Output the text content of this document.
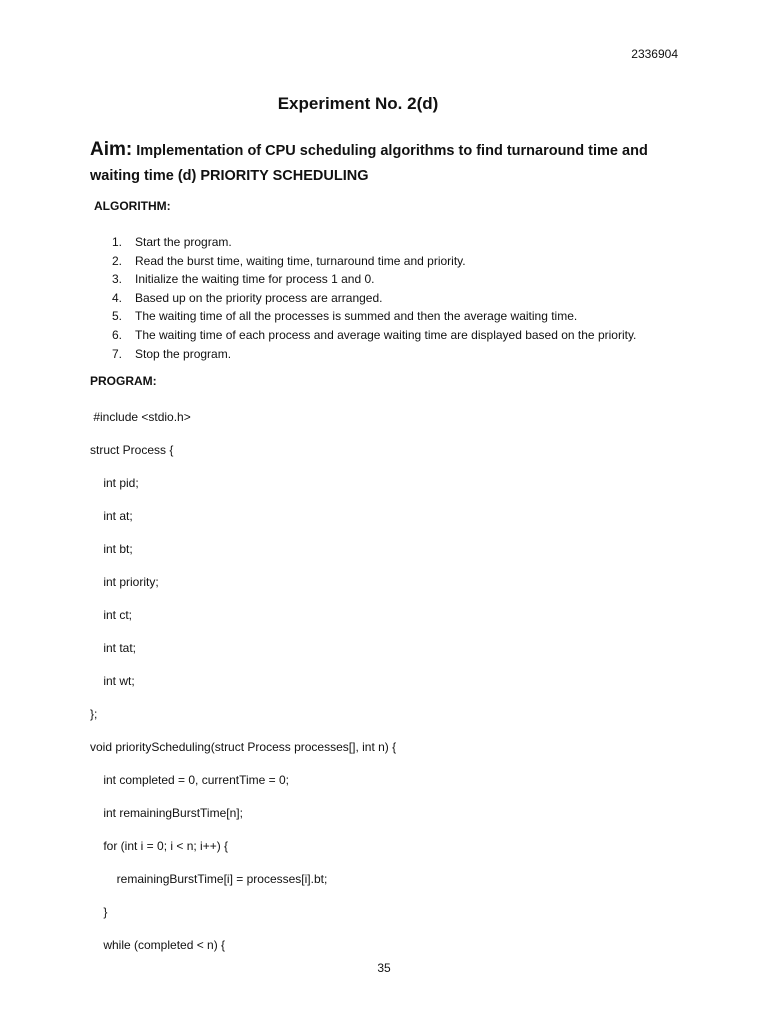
2336904
Experiment No. 2(d)
Aim: Implementation of CPU scheduling algorithms to find turnaround time and waiting time (d) PRIORITY SCHEDULING
ALGORITHM:
1. Start the program.
2. Read the burst time, waiting time, turnaround time and priority.
3. Initialize the waiting time for process 1 and 0.
4. Based up on the priority process are arranged.
5. The waiting time of all the processes is summed and then the average waiting time.
6. The waiting time of each process and average waiting time are displayed based on the priority.
7. Stop the program.
PROGRAM:
#include <stdio.h>
struct Process {
int pid;
int at;
int bt;
int priority;
int ct;
int tat;
int wt;
};
void priorityScheduling(struct Process processes[], int n) {
int completed = 0, currentTime = 0;
int remainingBurstTime[n];
for (int i = 0; i < n; i++) {
remainingBurstTime[i] = processes[i].bt;
}
while (completed < n) {
35
